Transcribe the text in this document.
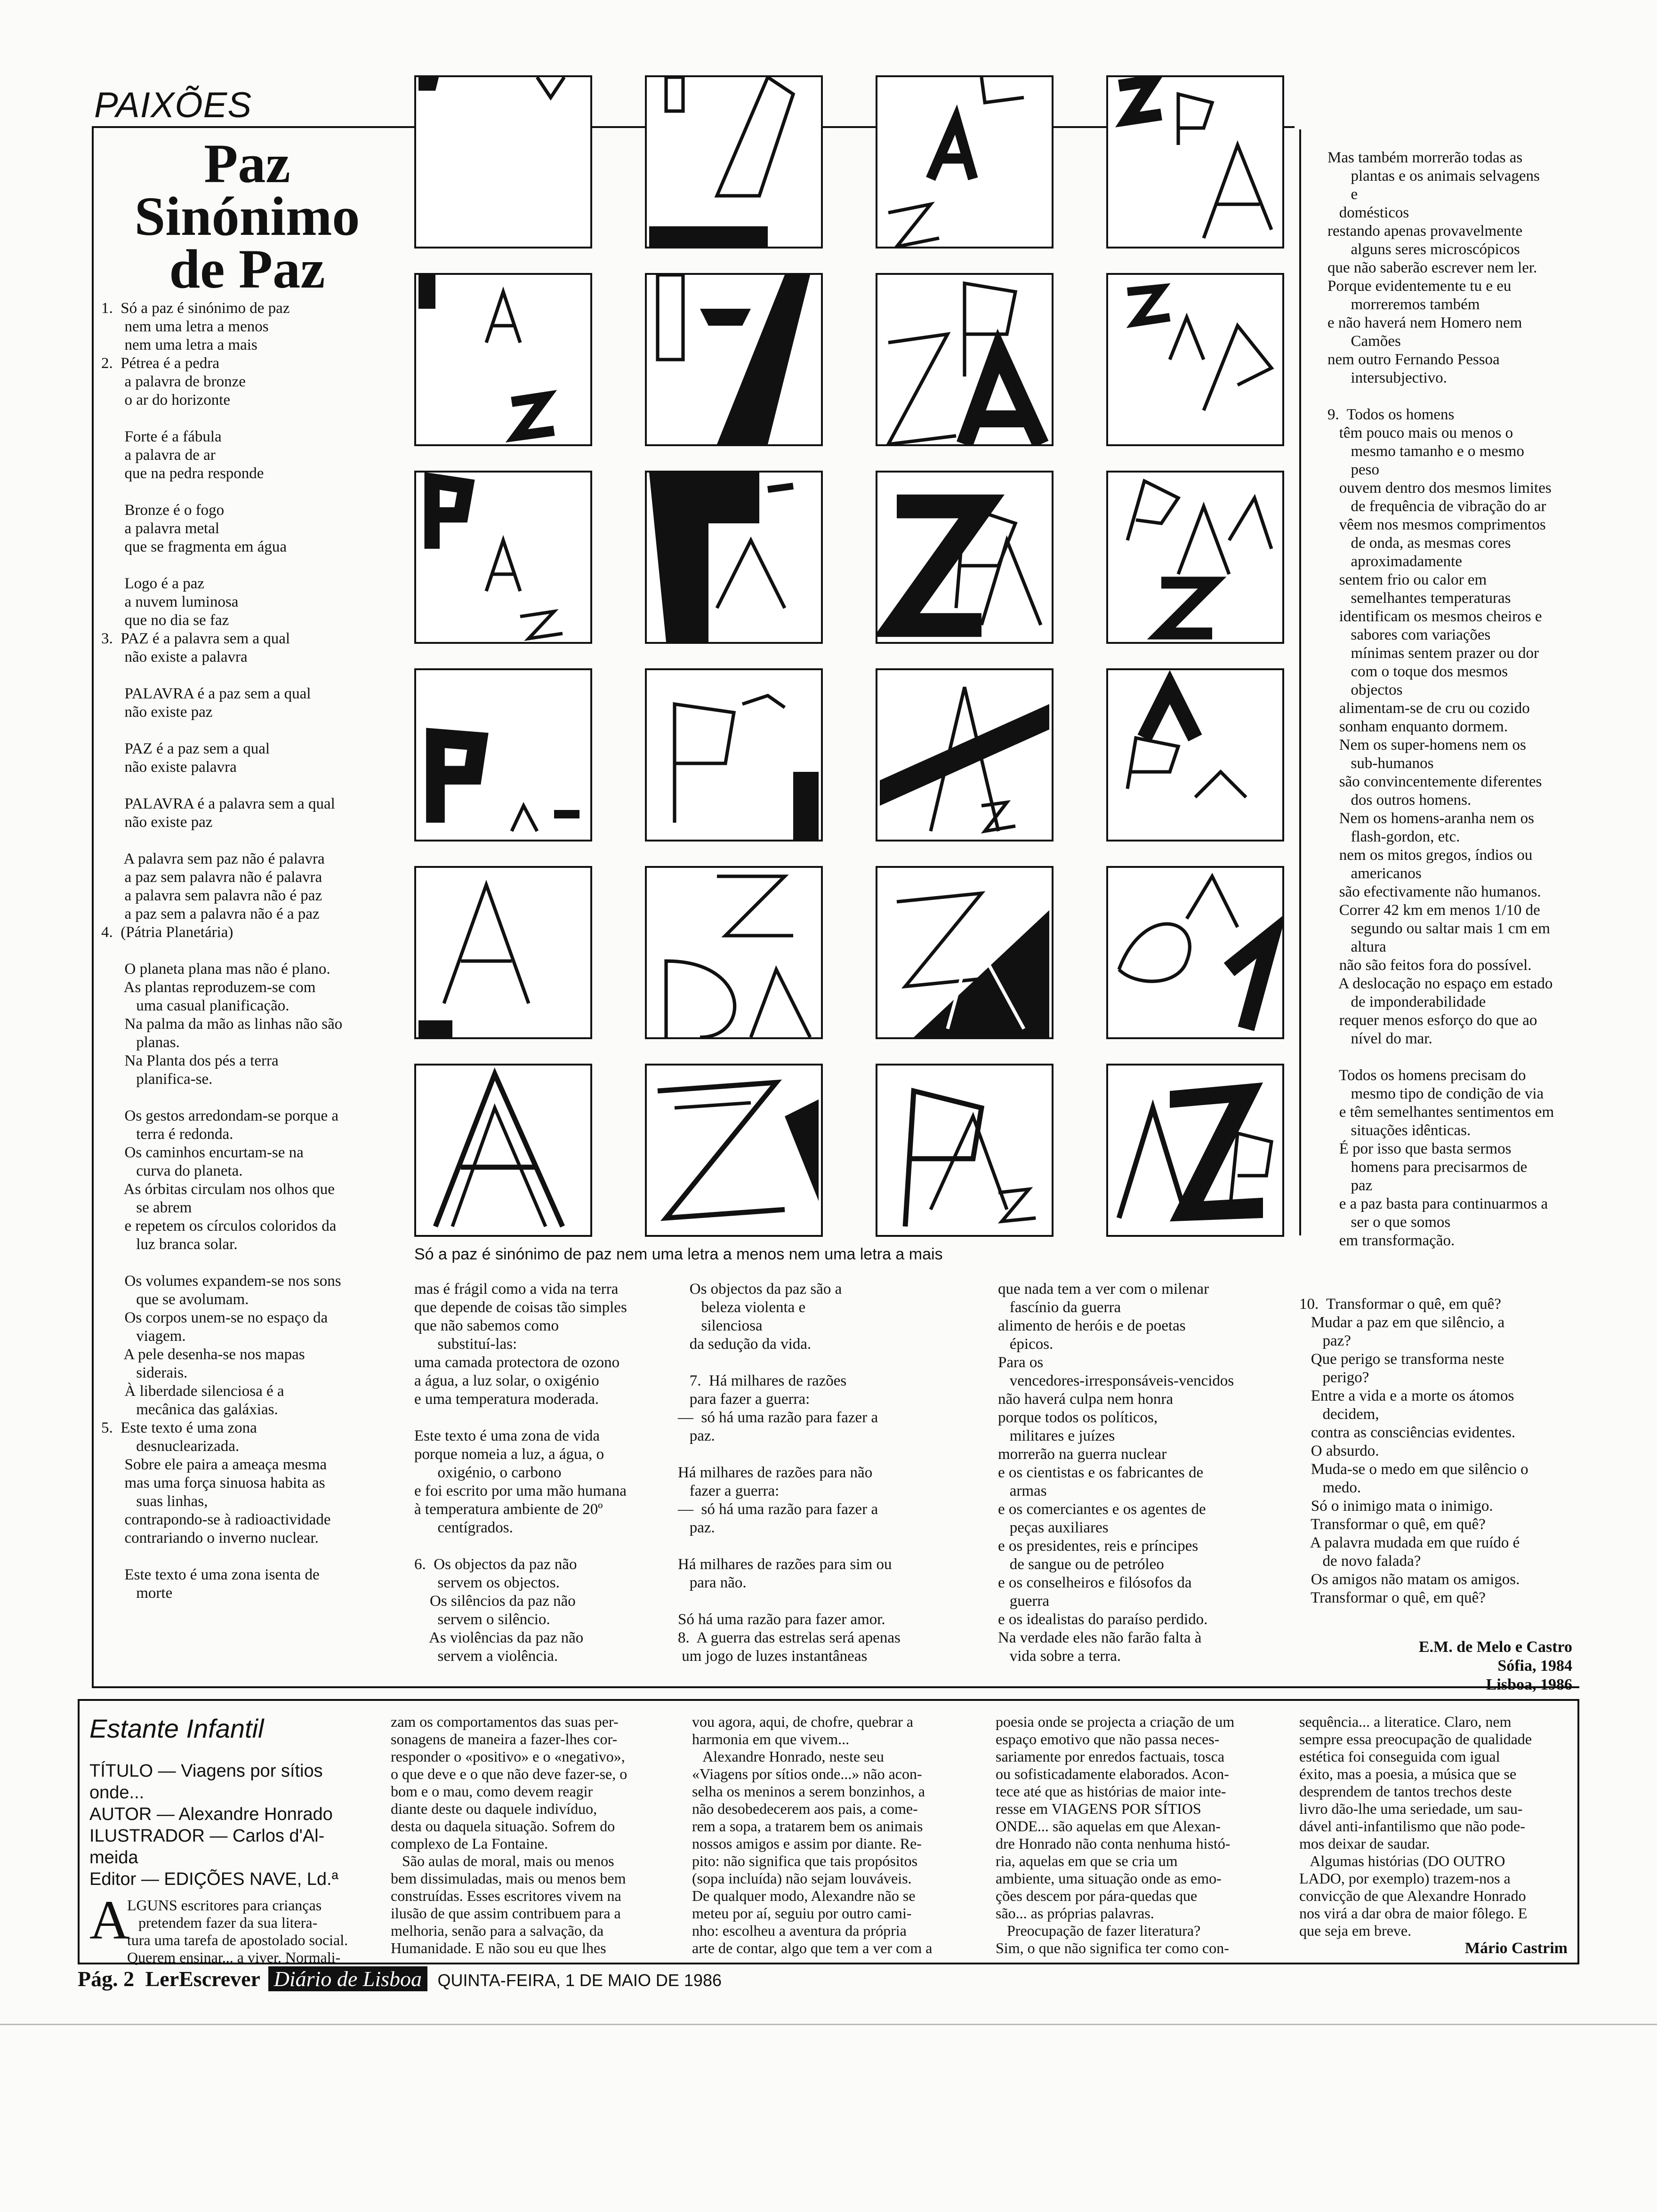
PAIXÕES
Paz
Sinónimo
de Paz
1.  Só a paz é sinónimo de paz
nem uma letra a menos
nem uma letra a mais
2.  Pétrea é a pedra
a palavra de bronze
o ar do horizonte

Forte é a fábula
a palavra de ar
que na pedra responde

Bronze é o fogo
a palavra metal
que se fragmenta em água

Logo é a paz
a nuvem luminosa
que no dia se faz
3.  PAZ é a palavra sem a qual
não existe a palavra

PALAVRA é a paz sem a qual
não existe paz

PAZ é a paz sem a qual
não existe palavra

PALAVRA é a palavra sem a qual
não existe paz

A palavra sem paz não é palavra
a paz sem palavra não é palavra
a palavra sem palavra não é paz
a paz sem a palavra não é a paz
4.  (Pátria Planetária)

O planeta plana mas não é plano.
As plantas reproduzem-se com
uma casual planificação.
Na palma da mão as linhas não são
planas.
Na Planta dos pés a terra
planifica-se.

Os gestos arredondam-se porque a
terra é redonda.
Os caminhos encurtam-se na
curva do planeta.
As órbitas circulam nos olhos que
se abrem
e repetem os círculos coloridos da
luz branca solar.

Os volumes expandem-se nos sons
que se avolumam.
Os corpos unem-se no espaço da
viagem.
A pele desenha-se nos mapas
siderais.
À liberdade silenciosa é a
mecânica das galáxias.
5.  Este texto é uma zona
desnuclearizada.
Sobre ele paira a ameaça mesma
mas uma força sinuosa habita as
suas linhas,
contrapondo-se à radioactividade
contrariando o inverno nuclear.

Este texto é uma zona isenta de
morte
mas é frágil como a vida na terra
que depende de coisas tão simples
que não sabemos como
substituí-las:
uma camada protectora de ozono
a água, a luz solar, o oxigénio
e uma temperatura moderada.

Este texto é uma zona de vida
porque nomeia a luz, a água, o
oxigénio, o carbono
e foi escrito por uma mão humana
à temperatura ambiente de 20º
centígrados.

6.  Os objectos da paz não
servem os objectos.
Os silêncios da paz não
servem o silêncio.
As violências da paz não
servem a violência.
Os objectos da paz são a
beleza violenta e
silenciosa
da sedução da vida.

7.  Há milhares de razões
para fazer a guerra:
—  só há uma razão para fazer a
paz.

Há milhares de razões para não
fazer a guerra:
—  só há uma razão para fazer a
paz.

Há milhares de razões para sim ou
para não.

Só há uma razão para fazer amor.
8.  A guerra das estrelas será apenas
um jogo de luzes instantâneas
que nada tem a ver com o milenar
fascínio da guerra
alimento de heróis e de poetas
épicos.
Para os
vencedores-irresponsáveis-vencidos
não haverá culpa nem honra
porque todos os políticos,
militares e juízes
morrerão na guerra nuclear
e os cientistas e os fabricantes de
armas
e os comerciantes e os agentes de
peças auxiliares
e os presidentes, reis e príncipes
de sangue ou de petróleo
e os conselheiros e filósofos da
guerra
e os idealistas do paraíso perdido.
Na verdade eles não farão falta à
vida sobre a terra.
Mas também morrerão todas as
plantas e os animais selvagens
e
domésticos
restando apenas provavelmente
alguns seres microscópicos
que não saberão escrever nem ler.
Porque evidentemente tu e eu
morreremos também
e não haverá nem Homero nem
Camões
nem outro Fernando Pessoa
intersubjectivo.

9.  Todos os homens
têm pouco mais ou menos o
mesmo tamanho e o mesmo
peso
ouvem dentro dos mesmos limites
de frequência de vibração do ar
vêem nos mesmos comprimentos
de onda, as mesmas cores
aproximadamente
sentem frio ou calor em
semelhantes temperaturas
identificam os mesmos cheiros e
sabores com variações
mínimas sentem prazer ou dor
com o toque dos mesmos
objectos
alimentam-se de cru ou cozido
sonham enquanto dormem.
Nem os super-homens nem os
sub-humanos
são convincentemente diferentes
dos outros homens.
Nem os homens-aranha nem os
flash-gordon, etc.
nem os mitos gregos, índios ou
americanos
são efectivamente não humanos.
Correr 42 km em menos 1/10 de
segundo ou saltar mais 1 cm em
altura
não são feitos fora do possível.
A deslocação no espaço em estado
de imponderabilidade
requer menos esforço do que ao
nível do mar.

Todos os homens precisam do
mesmo tipo de condição de via
e têm semelhantes sentimentos em
situações idênticas.
É por isso que basta sermos
homens para precisarmos de
paz
e a paz basta para continuarmos a
ser o que somos
em transformação.
10.  Transformar o quê, em quê?
Mudar a paz em que silêncio, a
paz?
Que perigo se transforma neste
perigo?
Entre a vida e a morte os átomos
decidem,
contra as consciências evidentes.
O absurdo.
Muda-se o medo em que silêncio o
medo.
Só o inimigo mata o inimigo.
Transformar o quê, em quê?
A palavra mudada em que ruído é
de novo falada?
Os amigos não matam os amigos.
Transformar o quê, em quê?
E.M. de Melo e Castro
Sófia, 1984
Lisboa, 1986
Só a paz é sinónimo de paz nem uma letra a menos nem uma letra a mais
Estante Infantil
TÍTULO — Viagens por sítios
onde...
AUTOR — Alexandre Honrado
ILUSTRADOR — Carlos d'Al-
meida
Editor — EDIÇÕES NAVE, Ld.ª
A
LGUNS escritores para crianças
pretendem fazer da sua litera-
tura uma tarefa de apostolado social.
Querem ensinar... a viver. Normali-
zam os comportamentos das suas per-
sonagens de maneira a fazer-lhes cor-
responder o «positivo» e o «negativo»,
o que deve e o que não deve fazer-se, o
bom e o mau, como devem reagir
diante deste ou daquele indivíduo,
desta ou daquela situação. Sofrem do
complexo de La Fontaine.
São aulas de moral, mais ou menos
bem dissimuladas, mais ou menos bem
construídas. Esses escritores vivem na
ilusão de que assim contribuem para a
melhoria, senão para a salvação, da
Humanidade. E não sou eu que lhes
vou agora, aqui, de chofre, quebrar a
harmonia em que vivem...
Alexandre Honrado, neste seu
«Viagens por sítios onde...» não acon-
selha os meninos a serem bonzinhos, a
não desobedecerem aos pais, a come-
rem a sopa, a tratarem bem os animais
nossos amigos e assim por diante. Re-
pito: não significa que tais propósitos
(sopa incluída) não sejam louváveis.
De qualquer modo, Alexandre não se
meteu por aí, seguiu por outro cami-
nho: escolheu a aventura da própria
arte de contar, algo que tem a ver com a
poesia onde se projecta a criação de um
espaço emotivo que não passa neces-
sariamente por enredos factuais, tosca
ou sofisticadamente elaborados. Acon-
tece até que as histórias de maior inte-
resse em VIAGENS POR SÍTIOS
ONDE... são aquelas em que Alexan-
dre Honrado não conta nenhuma histó-
ria, aquelas em que se cria um
ambiente, uma situação onde as emo-
ções descem por pára-quedas que
são... as próprias palavras.
Preocupação de fazer literatura?
Sim, o que não significa ter como con-
sequência... a literatice. Claro, nem
sempre essa preocupação de qualidade
estética foi conseguida com igual
éxito, mas a poesia, a música que se
desprendem de tantos trechos deste
livro dão-lhe uma seriedade, um sau-
dável anti-infantilismo que não pode-
mos deixar de saudar.
Algumas histórias (DO OUTRO
LADO, por exemplo) trazem-nos a
convicção de que Alexandre Honrado
nos virá a dar obra de maior fôlego. E
que seja em breve.
Mário Castrim
Pág. 2 LerEscrever Diário de Lisboa QUINTA-FEIRA, 1 DE MAIO DE 1986
